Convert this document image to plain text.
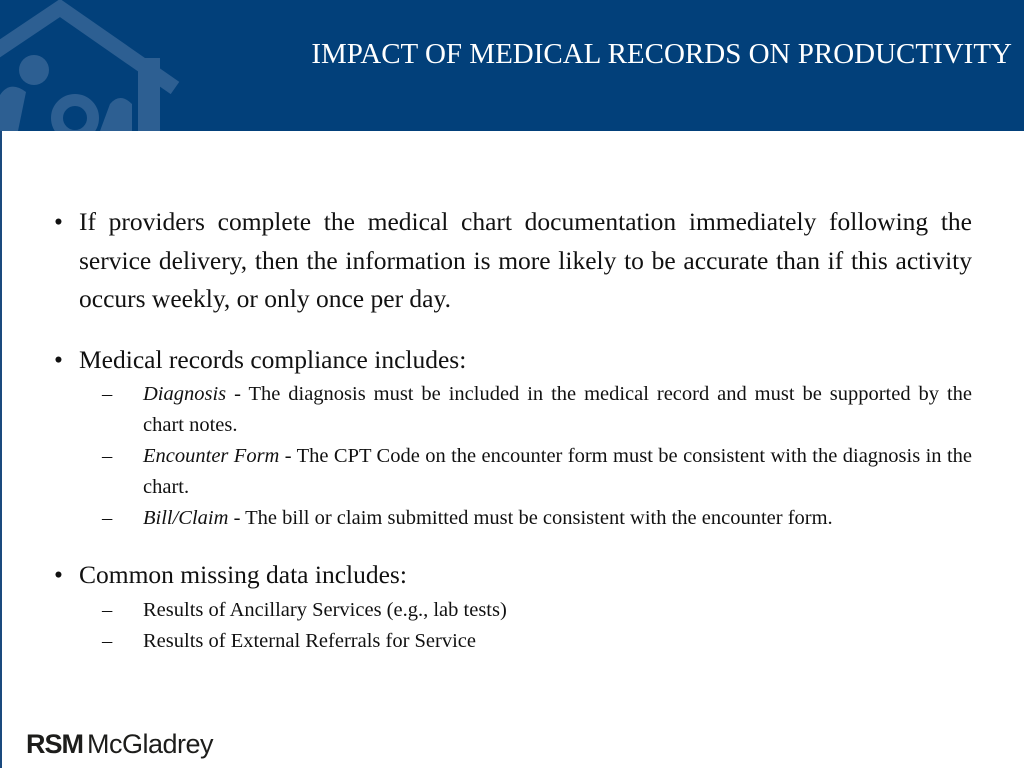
IMPACT OF MEDICAL RECORDS ON PRODUCTIVITY
• If providers complete the medical chart documentation immediately following the service delivery, then the information is more likely to be accurate than if this activity occurs weekly, or only once per day.
• Medical records compliance includes:
– Diagnosis - The diagnosis must be included in the medical record and must be supported by the chart notes.
– Encounter Form - The CPT Code on the encounter form must be consistent with the diagnosis in the chart.
– Bill/Claim - The bill or claim submitted must be consistent with the encounter form.
• Common missing data includes:
– Results of Ancillary Services (e.g., lab tests)
– Results of External Referrals for Service
RSM McGladrey
